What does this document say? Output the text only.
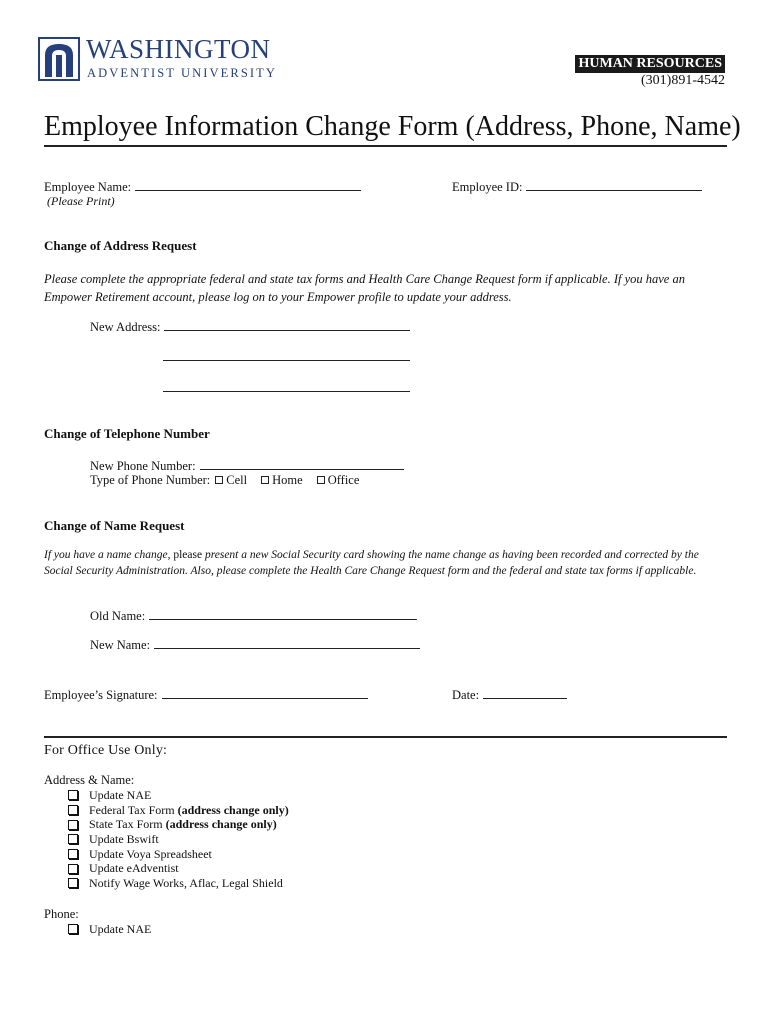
WASHINGTON
ADVENTIST UNIVERSITY
HUMAN RESOURCES
(301)891-4542
Employee Information Change Form (Address, Phone, Name)
Employee Name:
(Please Print)
Employee ID:
Change of Address Request
Please complete the appropriate federal and state tax forms and Health Care Change Request form if applicable. If you have an Empower Retirement account, please log on to your Empower profile to update your address.
New Address:
Change of Telephone Number
New Phone Number:
Type of Phone Number: Cell Home Office
Change of Name Request
If you have a name change, please present a new Social Security card showing the name change as having been recorded and corrected by the Social Security Administration. Also, please complete the Health Care Change Request form and the federal and state tax forms if applicable.
Old Name:
New Name:
Employee’s Signature:	Date:
For Office Use Only:
Address & Name:
Update NAE
Federal Tax Form (address change only)
State Tax Form (address change only)
Update Bswift
Update Voya Spreadsheet
Update eAdventist
Notify Wage Works, Aflac, Legal Shield
Phone:
Update NAE
